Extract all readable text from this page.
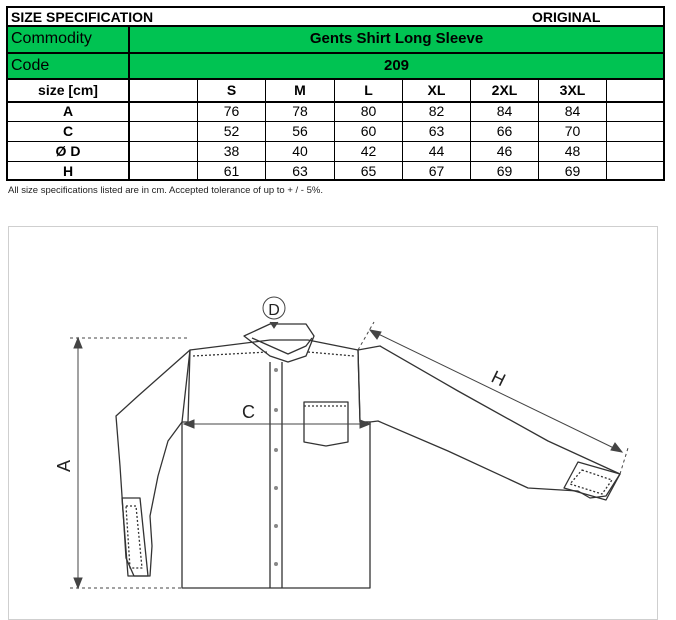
SIZE SPECIFICATION	ORIGINAL
Commodity	Gents Shirt Long Sleeve
Code	209
size [cm]	S	M	L	XL	2XL	3XL
A	76	78	80	82	84	84
C	52	56	60	63	66	70
Ø D	38	40	42	44	46	48
H	61	63	65	67	69	69
All size specifications listed are in cm. Accepted tolerance of up to + / - 5%.
A
C
D
H
